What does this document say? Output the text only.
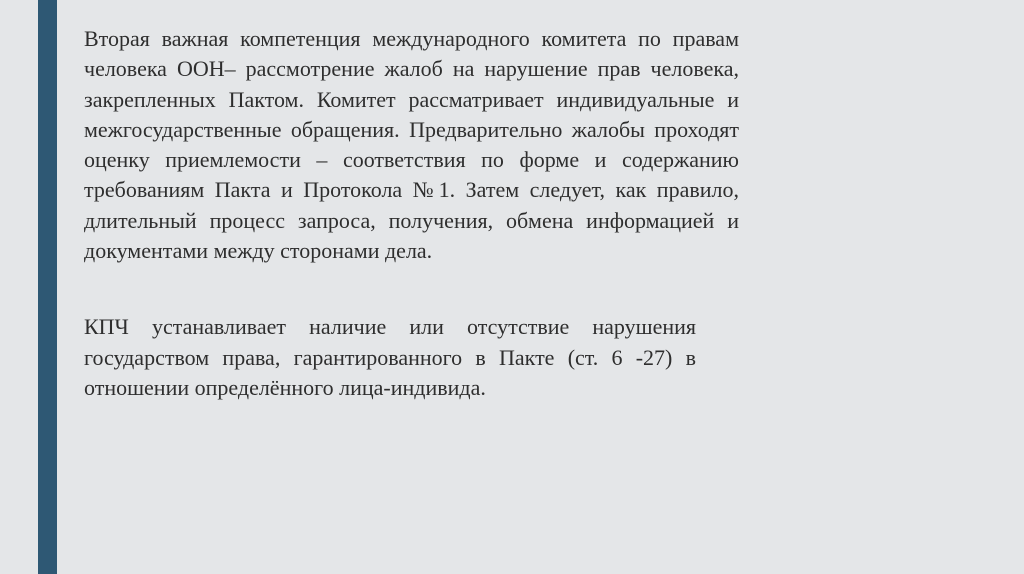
Вторая важная компетенция международного комитета по правам человека ООН– рассмотрение жалоб на нарушение прав человека, закрепленных Пактом. Комитет рассматривает индивидуальные и межгосударственные обращения. Предварительно жалобы проходят оценку приемлемости – соответствия по форме и содержанию требованиям Пакта и Протокола №1. Затем следует, как правило, длительный процесс запроса, получения, обмена информацией и документами между сторонами дела.

КПЧ устанавливает наличие или отсутствие нарушения государством права, гарантированного в Пакте (ст. 6 -27) в отношении определённого лица-индивида.
